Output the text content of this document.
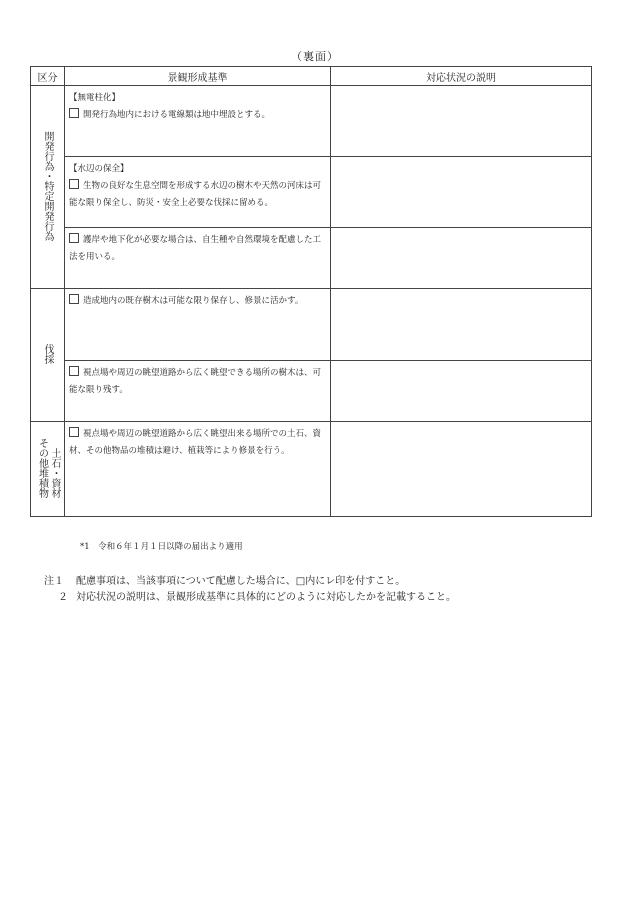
（裏面）
区分	景観形成基準	対応状況の説明
開発行為・特定開発行為	【無電柱化】
開発行為地内における電線類は地中埋設とする。	

	【水辺の保全】
生物の良好な生息空間を形成する水辺の樹木や天然の河床は可能な限り保全し、防災・安全上必要な伐採に留める。	

	護岸や地下化が必要な場合は、自生種や自然環境を配慮した工法を用いる。	

伐採	造成地内の既存樹木は可能な限り保存し、修景に活かす。	

	視点場や周辺の眺望道路から広く眺望できる場所の樹木は、可能な限り残す。	

その他堆積物 土石・資材	視点場や周辺の眺望道路から広く眺望出来る場所での土石、資材、その他物品の堆積は避け、植栽等により修景を行う。	

*1　令和６年１月１日以降の届出より適用
注１	配慮事項は、当該事項について配慮した場合に、□内にレ印を付すこと。
２ 対応状況の説明は、景観形成基準に具体的にどのように対応したかを記載すること。
